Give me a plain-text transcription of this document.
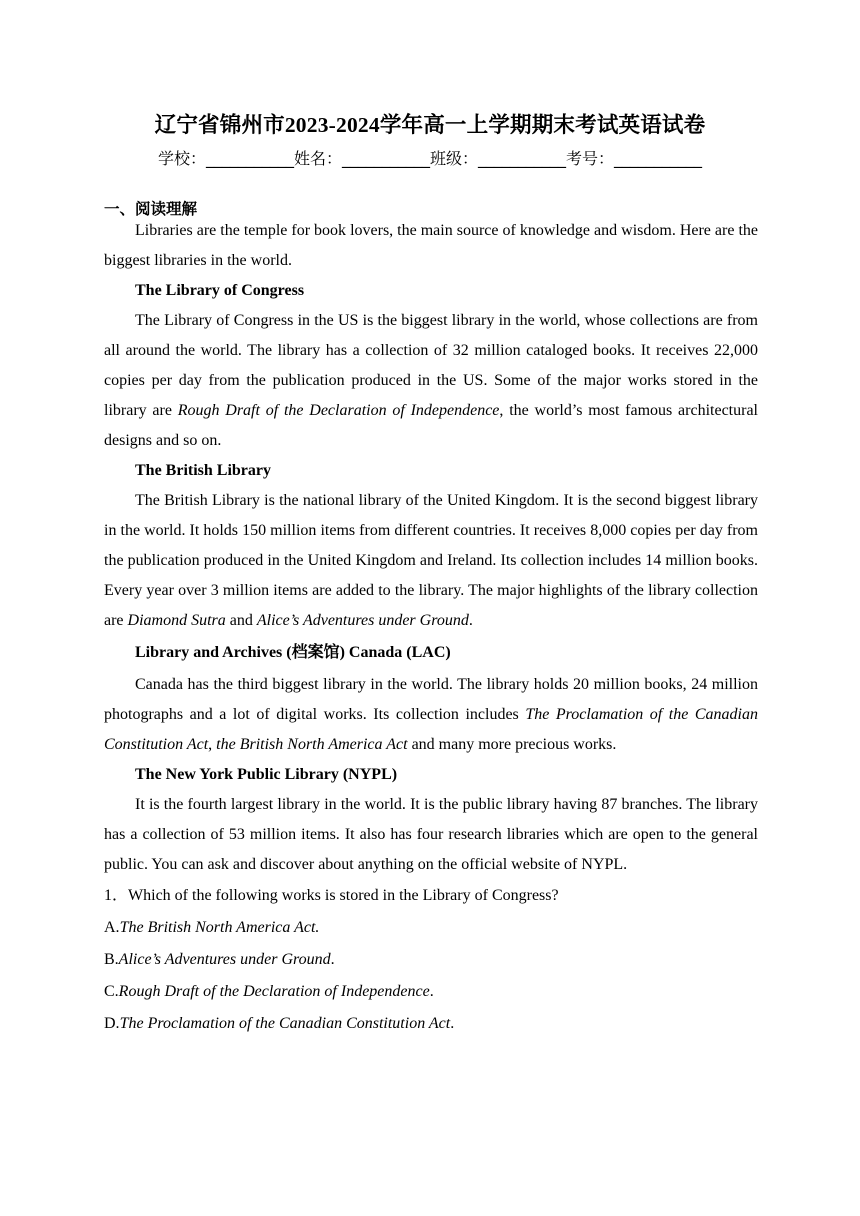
辽宁省锦州市2023-2024学年高一上学期期末考试英语试卷
学校：___________姓名：___________班级：___________考号：___________
一、阅读理解

Libraries are the temple for book lovers, the main source of knowledge and wisdom. Here are the biggest libraries in the world.

The Library of Congress

The Library of Congress in the US is the biggest library in the world, whose collections are from all around the world. The library has a collection of 32 million cataloged books. It receives 22,000 copies per day from the publication produced in the US. Some of the major works stored in the library are Rough Draft of the Declaration of Independence, the world’s most famous architectural designs and so on.

The British Library

The British Library is the national library of the United Kingdom. It is the second biggest library in the world. It holds 150 million items from different countries. It receives 8,000 copies per day from the publication produced in the United Kingdom and Ireland. Its collection includes 14 million books. Every year over 3 million items are added to the library. The major highlights of the library collection are Diamond Sutra and Alice’s Adventures under Ground.

Library and Archives (档案馆) Canada (LAC)

Canada has the third biggest library in the world. The library holds 20 million books, 24 million photographs and a lot of digital works. Its collection includes The Proclamation of the Canadian Constitution Act, the British North America Act and many more precious works.

The New York Public Library (NYPL)

It is the fourth largest library in the world. It is the public library having 87 branches. The library has a collection of 53 million items. It also has four research libraries which are open to the general public. You can ask and discover about anything on the official website of NYPL.

1．Which of the following works is stored in the Library of Congress?

A.The British North America Act.

B.Alice’s Adventures under Ground.

C.Rough Draft of the Declaration of Independence.

D.The Proclamation of the Canadian Constitution Act.
